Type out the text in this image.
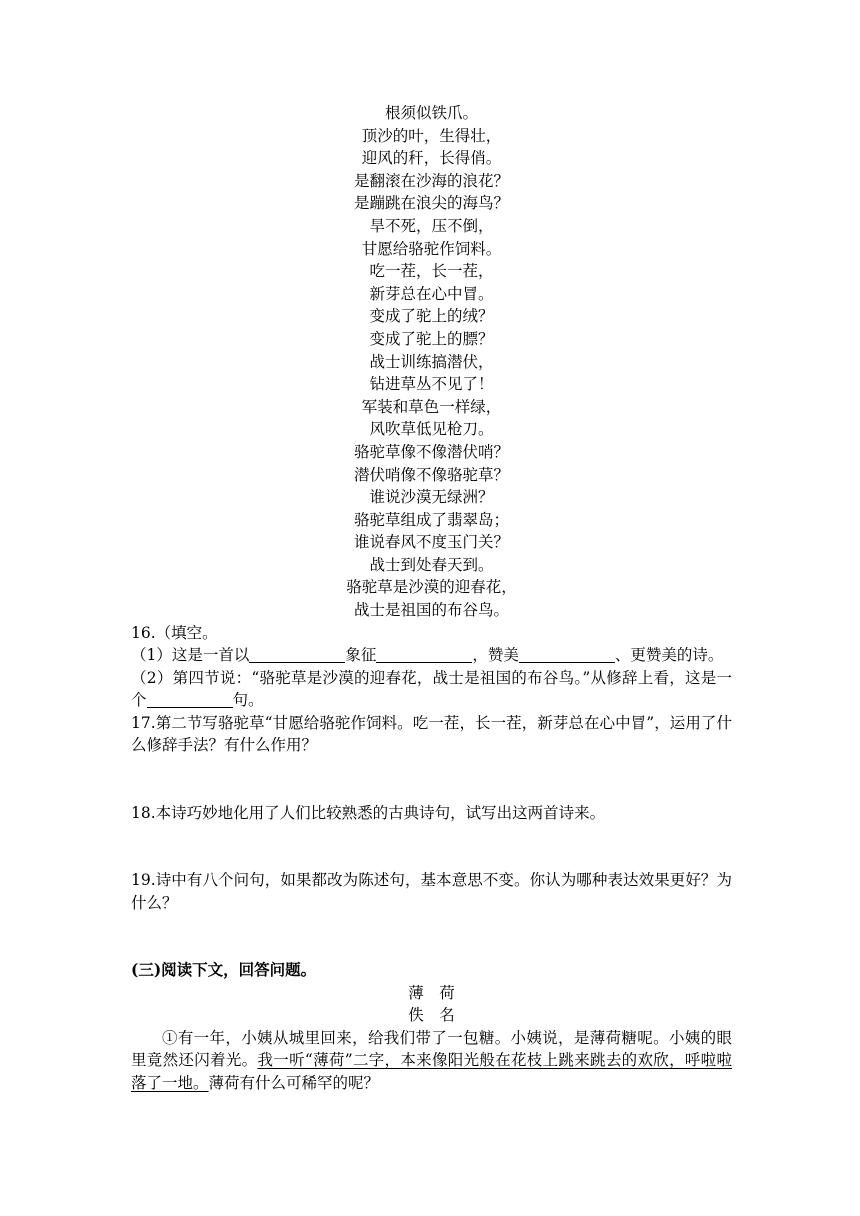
根须似铁爪。
顶沙的叶，生得壮，
迎风的秆，长得俏。
是翻滚在沙海的浪花？
是蹦跳在浪尖的海鸟？
旱不死，压不倒，
甘愿给骆驼作饲料。
吃一茬，长一茬，
新芽总在心中冒。
变成了驼上的绒？
变成了驼上的膘？
战士训练搞潜伏，
钻进草丛不见了！
军装和草色一样绿，
风吹草低见枪刀。
骆驼草像不像潜伏哨？
潜伏哨像不像骆驼草？
谁说沙漠无绿洲？
骆驼草组成了翡翠岛；
谁说春风不度玉门关？
战士到处春天到。
骆驼草是沙漠的迎春花，
战士是祖国的布谷鸟。

16.（填空。

（1）这是一首以	象征	，赞美	、更赞美的诗。

（2）第四节说：“骆驼草是沙漠的迎春花，战士是祖国的布谷鸟。”从修辞上看，这是一个	句。

17.第二节写骆驼草“甘愿给骆驼作饲料。吃一茬，长一茬，新芽总在心中冒”，运用了什么修辞手法？有什么作用？

18.本诗巧妙地化用了人们比较熟悉的古典诗句，试写出这两首诗来。

19.诗中有八个问句，如果都改为陈述句，基本意思不变。你认为哪种表达效果更好？为什么？

(三)阅读下文，回答问题。

薄　荷

佚　名

①有一年，小姨从城里回来，给我们带了一包糖。小姨说，是薄荷糖呢。小姨的眼里竟然还闪着光。我一听“薄荷”二字，本来像阳光般在花枝上跳来跳去的欢欣，呼啦啦落了一地。薄荷有什么可稀罕的呢？
